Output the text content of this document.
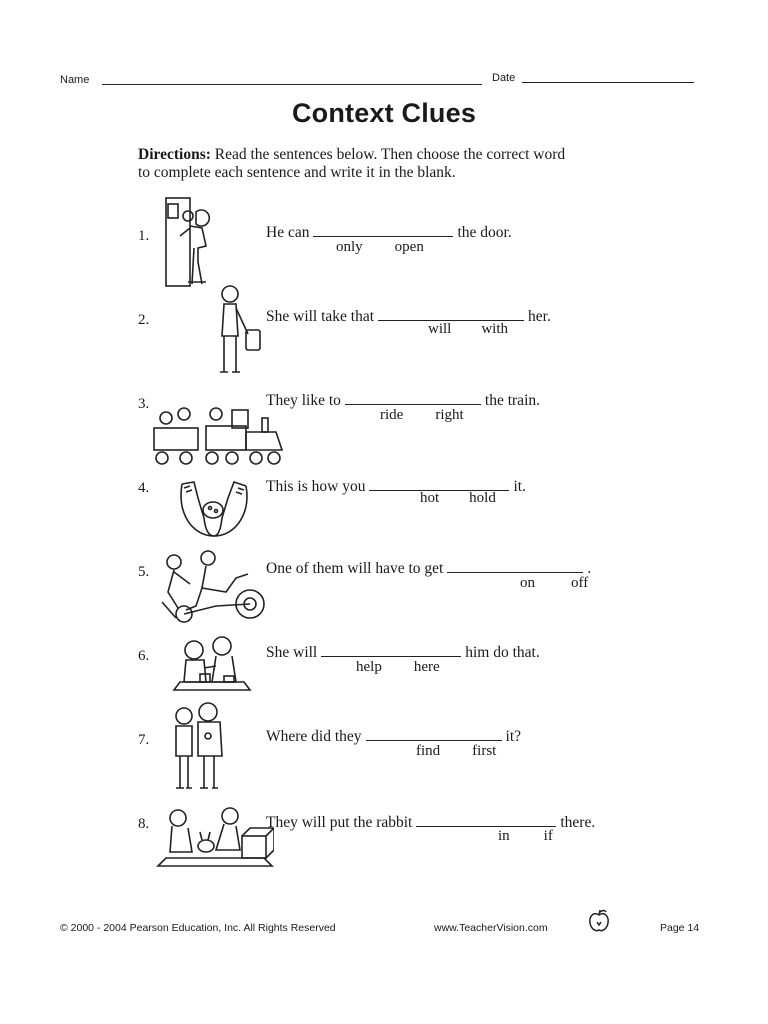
Name	Date
Context Clues
Directions: Read the sentences below. Then choose the correct word
to complete each sentence and write it in the blank.
1.	He can	the door.
only open
2.	She will take that	her.
will with
3.	They like to	the train.
ride right
4.	This is how you	it.
hot hold
5.	One of them will have to get	.
on off
6.	She will	him do that.
help here
7.	Where did they	it?
find first
8.	They will put the rabbit	there.
in if
© 2000 - 2004 Pearson Education, Inc. All Rights Reserved	www.TeacherVision.com	Page 14
